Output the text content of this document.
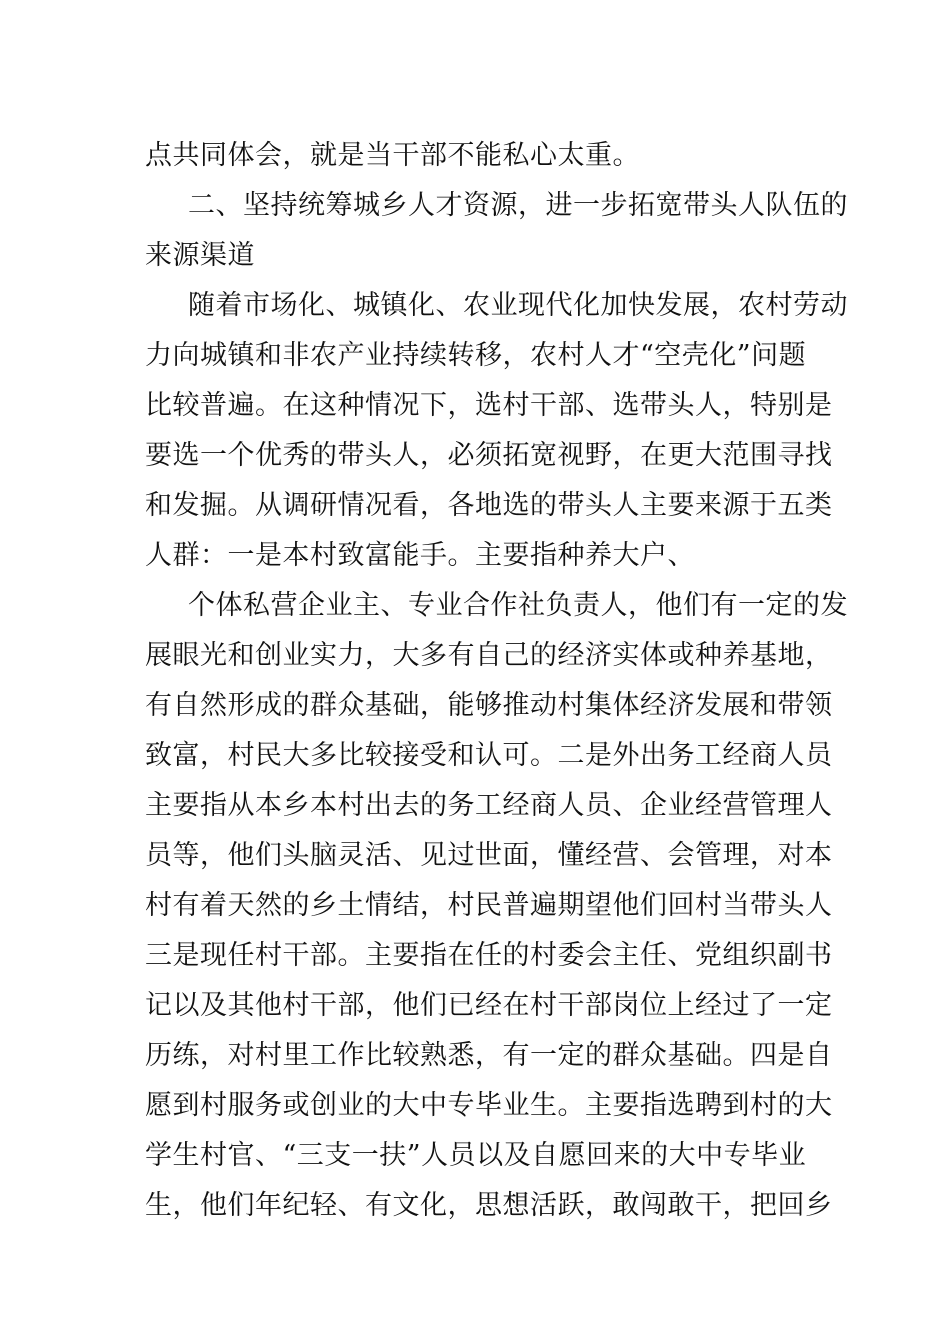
点共同体会，就是当干部不能私心太重。
二、坚持统筹城乡人才资源，进一步拓宽带头人队伍的
来源渠道
随着市场化、城镇化、农业现代化加快发展，农村劳动
力向城镇和非农产业持续转移，农村人才“空壳化”问题
比较普遍。在这种情况下，选村干部、选带头人，特别是
要选一个优秀的带头人，必须拓宽视野，在更大范围寻找
和发掘。从调研情况看，各地选的带头人主要来源于五类
人群：一是本村致富能手。主要指种养大户、
个体私营企业主、专业合作社负责人，他们有一定的发
展眼光和创业实力，大多有自己的经济实体或种养基地，
有自然形成的群众基础，能够推动村集体经济发展和带领
致富，村民大多比较接受和认可。二是外出务工经商人员
主要指从本乡本村出去的务工经商人员、企业经营管理人
员等，他们头脑灵活、见过世面，懂经营、会管理，对本
村有着天然的乡土情结，村民普遍期望他们回村当带头人
三是现任村干部。主要指在任的村委会主任、党组织副书
记以及其他村干部，他们已经在村干部岗位上经过了一定
历练，对村里工作比较熟悉，有一定的群众基础。四是自
愿到村服务或创业的大中专毕业生。主要指选聘到村的大
学生村官、“三支一扶”人员以及自愿回来的大中专毕业
生，他们年纪轻、有文化，思想活跃，敢闯敢干，把回乡
